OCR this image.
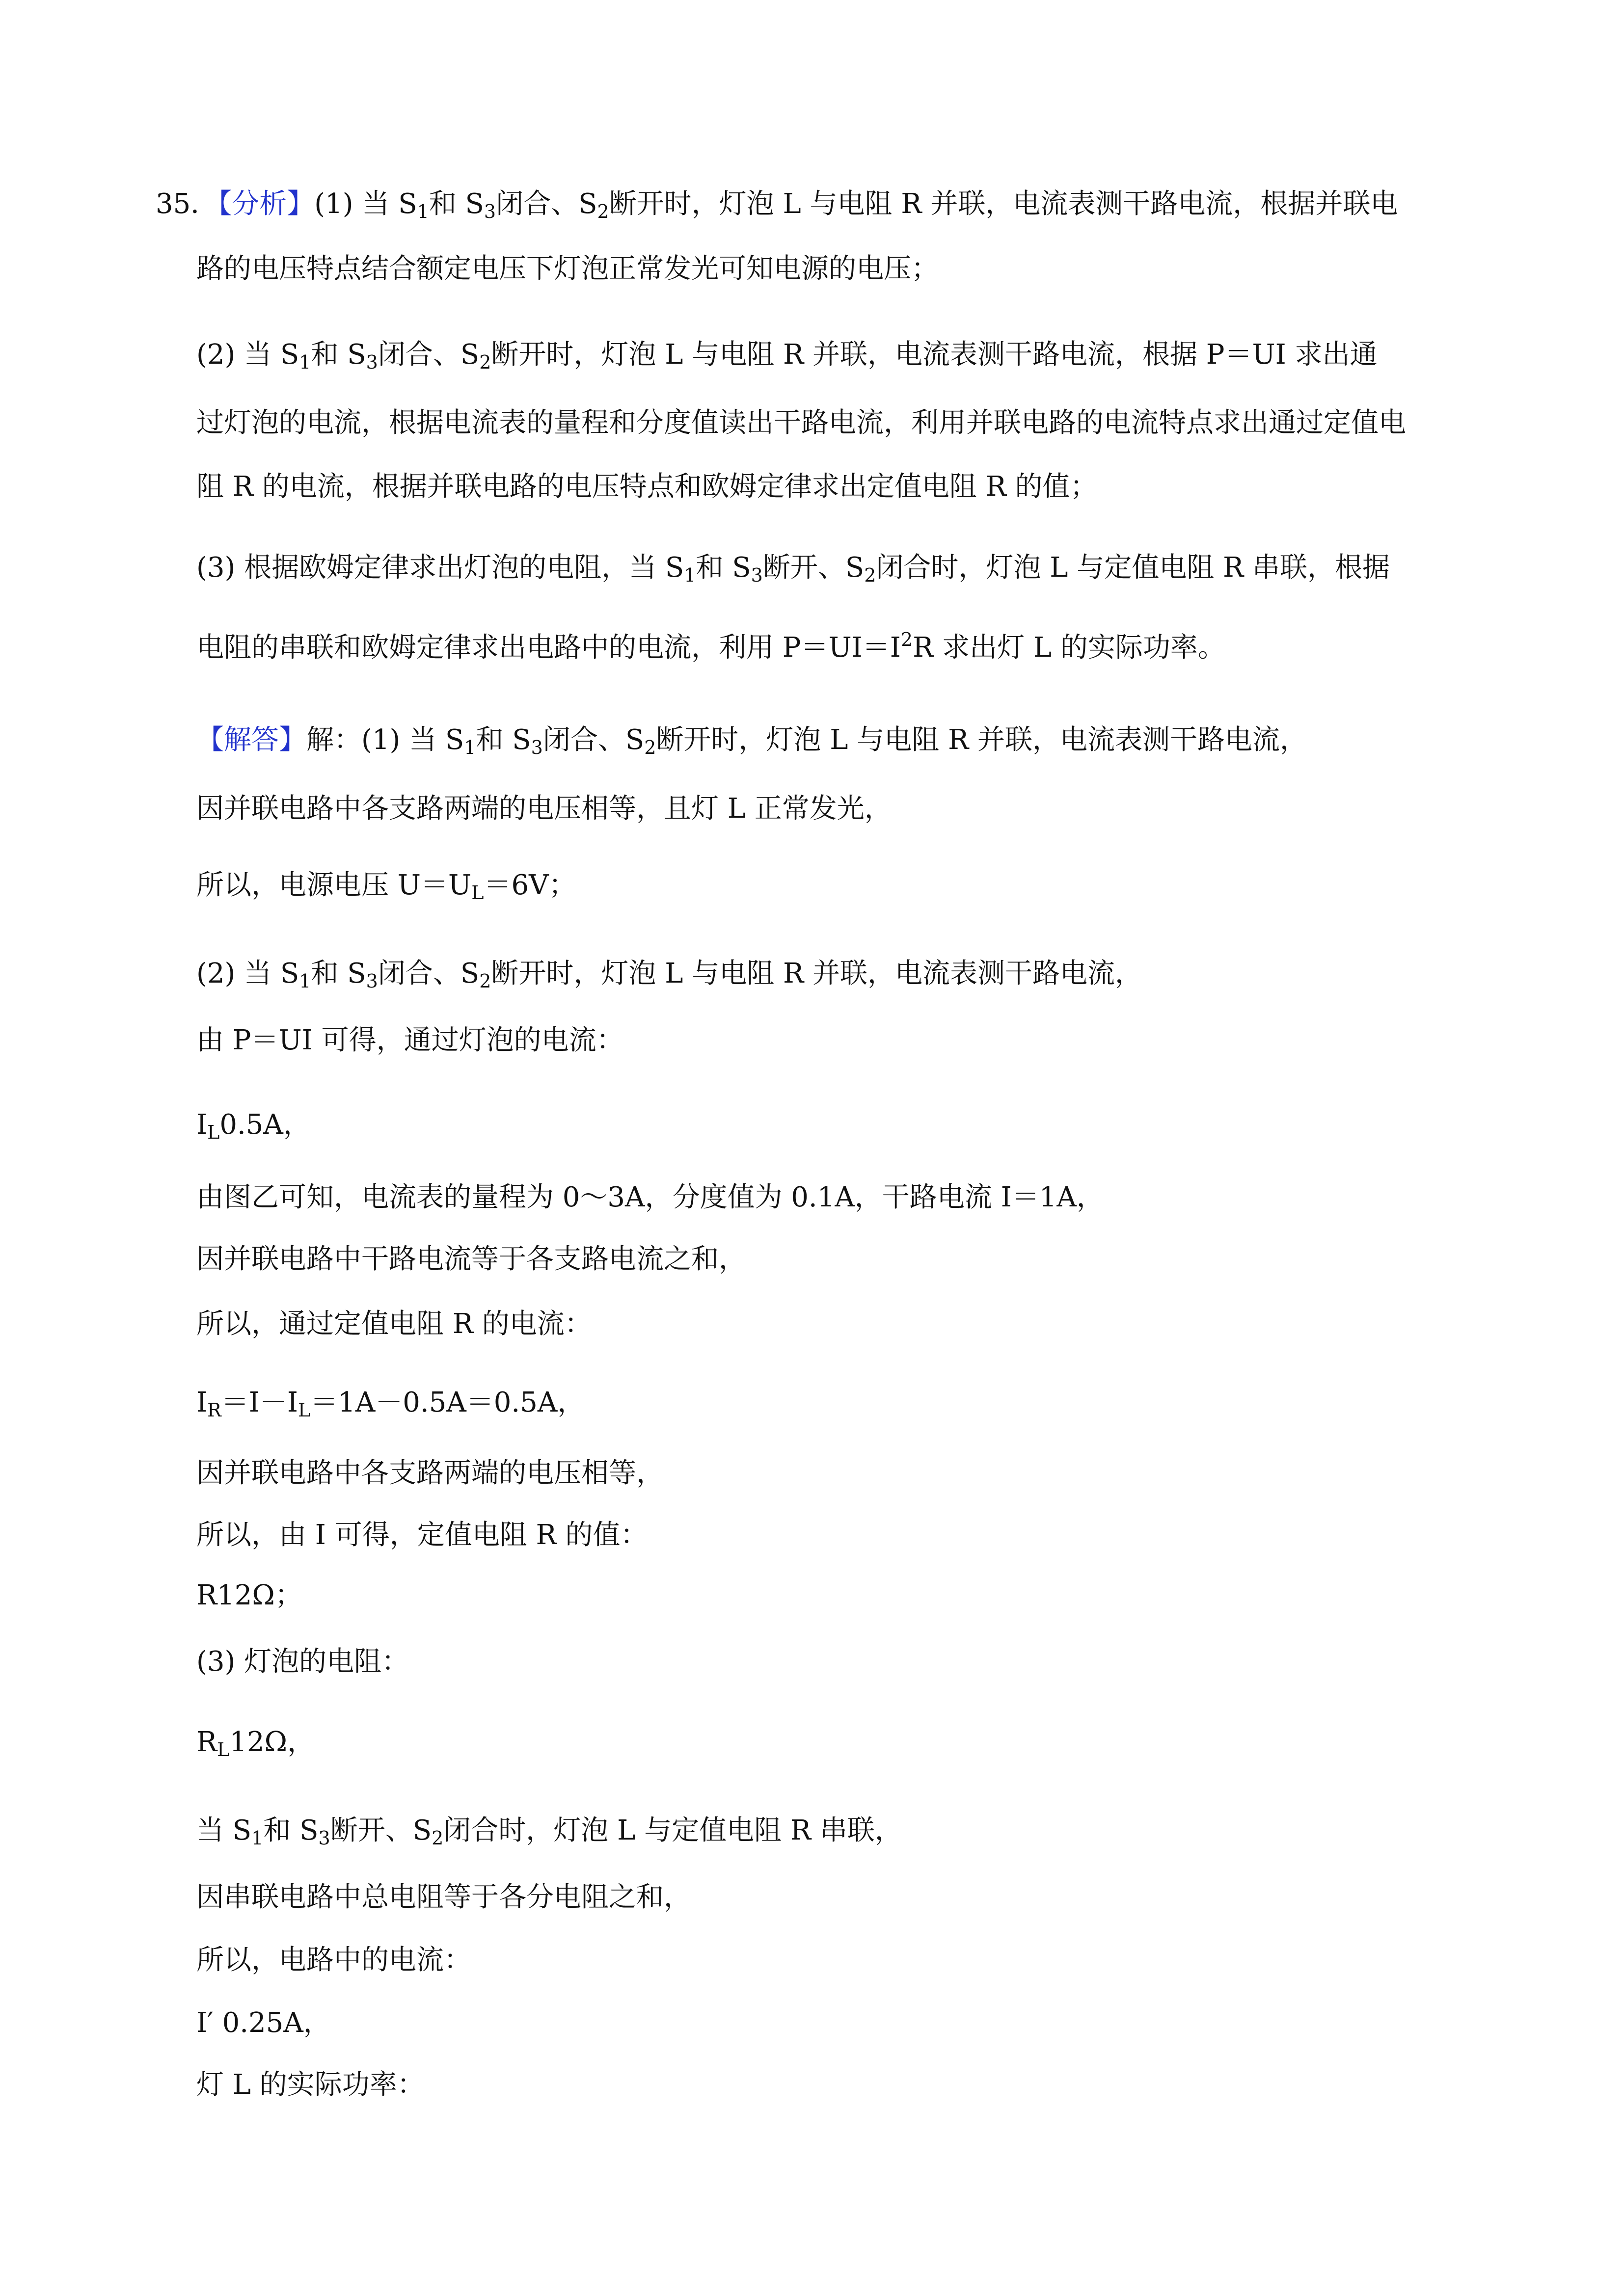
35．【分析】(1) 当 $S_1$和 $S_3$闭合、$S_2$断开时，灯泡 L 与电阻 R 并联，电流表测干路电流，根据并联电
路的电压特点结合额定电压下灯泡正常发光可知电源的电压；
(2) 当 $S_1$和 $S_3$闭合、$S_2$断开时，灯泡 L 与电阻 R 并联，电流表测干路电流，根据 P＝UI 求出通
过灯泡的电流，根据电流表的量程和分度值读出干路电流，利用并联电路的电流特点求出通过定值电
阻 R 的电流，根据并联电路的电压特点和欧姆定律求出定值电阻 R 的值；
(3) 根据欧姆定律求出灯泡的电阻，当 $S_1$和 $S_3$断开、$S_2$闭合时，灯泡 L 与定值电阻 R 串联，根据
电阻的串联和欧姆定律求出电路中的电流，利用 $P=UI=I^2R$ 求出灯 L 的实际功率。
【解答】解：(1) 当 $S_1$和 $S_3$闭合、$S_2$断开时，灯泡 L 与电阻 R 并联，电流表测干路电流，
因并联电路中各支路两端的电压相等，且灯 L 正常发光，
所以，电源电压 $U=U_L=6V$；
(2) 当 $S_1$和 $S_3$闭合、$S_2$断开时，灯泡 L 与电阻 R 并联，电流表测干路电流，
由 P＝UI 可得，通过灯泡的电流：
$I_L0.5A$，
由图乙可知，电流表的量程为 0～3A，分度值为 0.1A，干路电流 I＝1A，
因并联电路中干路电流等于各支路电流之和，
所以，通过定值电阻 R 的电流：
$I_R=I-I_L=1A-0.5A=0.5A$，
因并联电路中各支路两端的电压相等，
所以，由 I 可得，定值电阻 R 的值：
R12Ω；
(3) 灯泡的电阻：
$R_L12\Omega$，
当 $S_1$和 $S_3$断开、$S_2$闭合时，灯泡 L 与定值电阻 R 串联，
因串联电路中总电阻等于各分电阻之和，
所以，电路中的电流：
I′ 0.25A，
灯 L 的实际功率：
